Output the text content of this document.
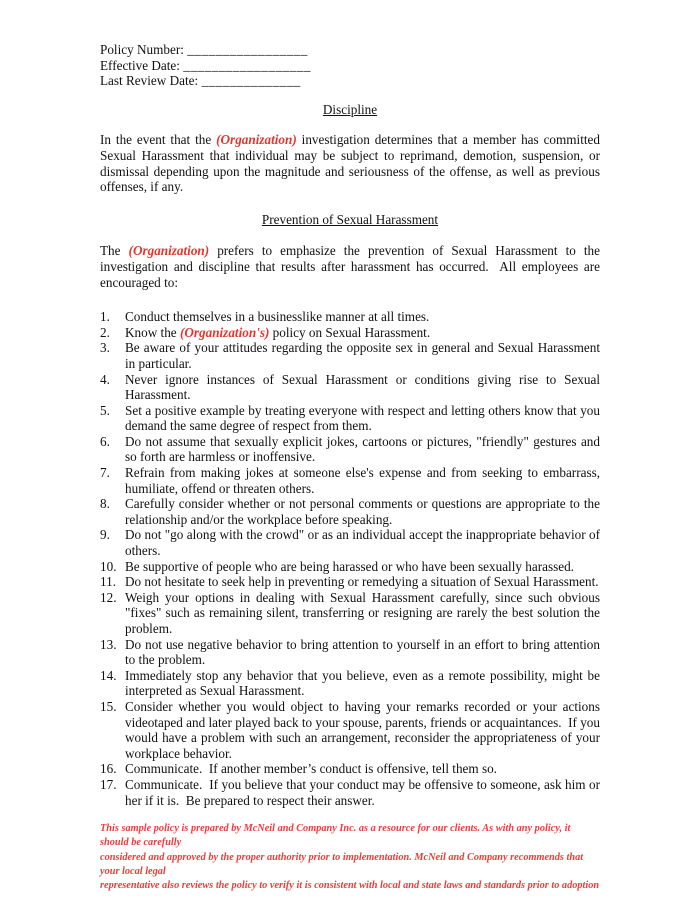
Policy Number: _________________
Effective Date: __________________
Last Review Date: ______________
Discipline

In the event that the (Organization) investigation determines that a member has committed Sexual Harassment that individual may be subject to reprimand, demotion, suspension, or dismissal depending upon the magnitude and seriousness of the offense, as well as previous offenses, if any.

Prevention of Sexual Harassment

The (Organization) prefers to emphasize the prevention of Sexual Harassment to the investigation and discipline that results after harassment has occurred.  All employees are encouraged to:

1.	Conduct themselves in a businesslike manner at all times.
2.	Know the (Organization's) policy on Sexual Harassment.
3.	Be aware of your attitudes regarding the opposite sex in general and Sexual Harassment in particular.
4.	Never ignore instances of Sexual Harassment or conditions giving rise to Sexual Harassment.
5.	Set a positive example by treating everyone with respect and letting others know that you demand the same degree of respect from them.
6.	Do not assume that sexually explicit jokes, cartoons or pictures, "friendly" gestures and so forth are harmless or inoffensive.
7.	Refrain from making jokes at someone else's expense and from seeking to embarrass, humiliate, offend or threaten others.
8.	Carefully consider whether or not personal comments or questions are appropriate to the relationship and/or the workplace before speaking.
9.	Do not "go along with the crowd" or as an individual accept the inappropriate behavior of others.
10. Be supportive of people who are being harassed or who have been sexually harassed.
11. Do not hesitate to seek help in preventing or remedying a situation of Sexual Harassment.
12. Weigh your options in dealing with Sexual Harassment carefully, since such obvious "fixes" such as remaining silent, transferring or resigning are rarely the best solution the problem.
13. Do not use negative behavior to bring attention to yourself in an effort to bring attention to the problem.
14. Immediately stop any behavior that you believe, even as a remote possibility, might be interpreted as Sexual Harassment.
15. Consider whether you would object to having your remarks recorded or your actions videotaped and later played back to your spouse, parents, friends or acquaintances.  If you would have a problem with such an arrangement, reconsider the appropriateness of your workplace behavior.
16. Communicate.  If another member’s conduct is offensive, tell them so.
17. Communicate.  If you believe that your conduct may be offensive to someone, ask him or her if it is.  Be prepared to respect their answer.
This sample policy is prepared by McNeil and Company Inc. as a resource for our clients. As with any policy, it should be carefully
considered and approved by the proper authority prior to implementation. McNeil and Company recommends that your local legal
representative also reviews the policy to verify it is consistent with local and state laws and standards prior to adoption
